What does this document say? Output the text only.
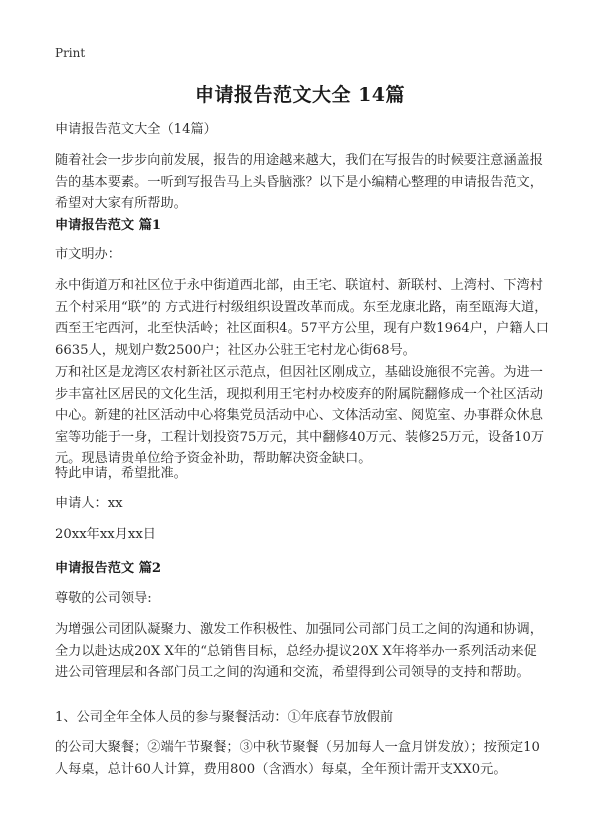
Print
申请报告范文大全 14篇
申请报告范文大全（14篇）
随着社会一步步向前发展，报告的用途越来越大，我们在写报告的时候要注意涵盖报告的基本要素。一听到写报告马上头昏脑涨？以下是小编精心整理的申请报告范文，希望对大家有所帮助。
申请报告范文 篇1
市文明办：
永中街道万和社区位于永中街道西北部，由王宅、联谊村、新联村、上湾村、下湾村五个村采用“联”的 方式进行村级组织设置改革而成。东至龙康北路，南至瓯海大道，西至王宅西河，北至快活岭；社区面积4。57平方公里，现有户数1964户，户籍人口6635人，规划户数2500户；社区办公驻王宅村龙心街68号。
万和社区是龙湾区农村新社区示范点，但因社区刚成立，基础设施很不完善。为进一步丰富社区居民的文化生活，现拟利用王宅村办校废弃的附属院翻修成一个社区活动中心。新建的社区活动中心将集党员活动中心、文体活动室、阅览室、办事群众休息室等功能于一身，工程计划投资75万元，其中翻修40万元、装修25万元，设备10万元。现恳请贵单位给予资金补助，帮助解决资金缺口。
特此申请，希望批准。
申请人：xx
20xx年xx月xx日
申请报告范文 篇2
尊敬的公司领导:
为增强公司团队凝聚力、激发工作积极性、加强同公司部门员工之间的沟通和协调，全力以赴达成20X X年的“总销售目标，总经办提议20X X年将举办一系列活动来促进公司管理层和各部门员工之间的沟通和交流，希望得到公司领导的支持和帮助。
1、公司全年全体人员的参与聚餐活动：①年底春节放假前
的公司大聚餐；②端午节聚餐；③中秋节聚餐（另加每人一盒月饼发放）；按预定10人每桌，总计60人计算，费用800（含酒水）每桌，全年预计需开支XX0元。
